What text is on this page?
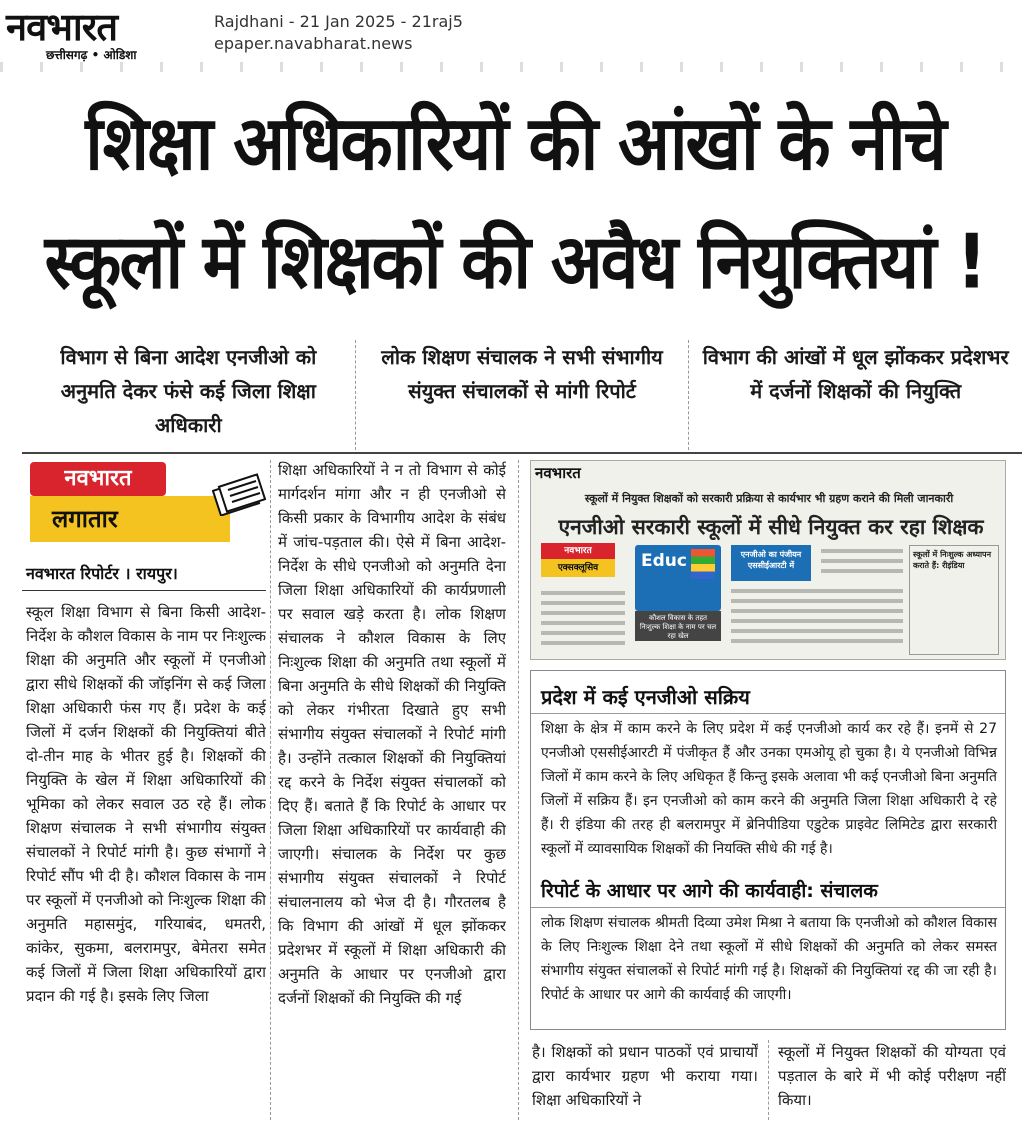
नवभारत
छत्तीसगढ़ • ओडिशा
Rajdhani - 21 Jan 2025 - 21raj5
epaper.navabharat.news
शिक्षा अधिकारियों की आंखों के नीचे
स्कूलों में शिक्षकों की अवैध नियुक्तियां !
विभाग से बिना आदेश एनजीओ को अनुमति देकर फंसे कई जिला शिक्षा अधिकारी
लोक शिक्षण संचालक ने सभी संभागीय संयुक्त संचालकों से मांगी रिपोर्ट
विभाग की आंखों में धूल झोंककर प्रदेशभर में दर्जनों शिक्षकों की नियुक्ति
नवभारत
लगातार
नवभारत रिपोर्टर । रायपुर।
स्कूल शिक्षा विभाग से बिना किसी आदेश-निर्देश के कौशल विकास के नाम पर निःशुल्क शिक्षा की अनुमति और स्कूलों में एनजीओ द्वारा सीधे शिक्षकों की जॉइनिंग से कई जिला शिक्षा अधिकारी फंस गए हैं। प्रदेश के कई जिलों में दर्जन शिक्षकों की नियुक्तियां बीते दो-तीन माह के भीतर हुई है। शिक्षकों की नियुक्ति के खेल में शिक्षा अधिकारियों की भूमिका को लेकर सवाल उठ रहे हैं। लोक शिक्षण संचालक ने सभी संभागीय संयुक्त संचालकों ने रिपोर्ट मांगी है। कुछ संभागों ने रिपोर्ट सौंप भी दी है। कौशल विकास के नाम पर स्कूलों में एनजीओ को निःशुल्क शिक्षा की अनुमति महासमुंद, गरियाबंद, धमतरी, कांकेर, सुकमा, बलरामपुर, बेमेतरा समेत कई जिलों में जिला शिक्षा अधिकारियों द्वारा प्रदान की गई है। इसके लिए जिला
शिक्षा अधिकारियों ने न तो विभाग से कोई मार्गदर्शन मांगा और न ही एनजीओ से किसी प्रकार के विभागीय आदेश के संबंध में जांच-पड़ताल की। ऐसे में बिना आदेश-निर्देश के सीधे एनजीओ को अनुमति देना जिला शिक्षा अधिकारियों की कार्यप्रणाली पर सवाल खड़े करता है। लोक शिक्षण संचालक ने कौशल विकास के लिए निःशुल्क शिक्षा की अनुमति तथा स्कूलों में बिना अनुमति के सीधे शिक्षकों की नियुक्ति को लेकर गंभीरता दिखाते हुए सभी संभागीय संयुक्त संचालकों ने रिपोर्ट मांगी है। उन्होंने तत्काल शिक्षकों की नियुक्तियां रद्द करने के निर्देश संयुक्त संचालकों को दिए हैं। बताते हैं कि रिपोर्ट के आधार पर जिला शिक्षा अधिकारियों पर कार्यवाही की जाएगी। संचालक के निर्देश पर कुछ संभागीय संयुक्त संचालकों ने रिपोर्ट संचालनालय को भेज दी है। गौरतलब है कि विभाग की आंखों में धूल झोंककर प्रदेशभर में स्कूलों में शिक्षा अधिकारी की अनुमति के आधार पर एनजीओ द्वारा दर्जनों शिक्षकों की नियुक्ति की गई
नवभारत
स्कूलों में नियुक्त शिक्षकों को सरकारी प्रक्रिया से कार्यभार भी ग्रहण कराने की मिली जानकारी
एनजीओ सरकारी स्कूलों में सीधे नियुक्त कर रहा शिक्षक
नवभारत
एक्सक्लूसिव	Educ
कौशल विकास के तहत निःशुल्क शिक्षा के नाम पर चल रहा खेल
एनजीओ का पंजीयन एससीईआरटी में
स्कूलों में निःशुल्क अध्यापन कराते हैं: रीइंडिया
प्रदेश में कई एनजीओ सक्रिय
शिक्षा के क्षेत्र में काम करने के लिए प्रदेश में कई एनजीओ कार्य कर रहे हैं। इनमें से 27 एनजीओ एससीईआरटी में पंजीकृत हैं और उनका एमओयू हो चुका है। ये एनजीओ विभिन्न जिलों में काम करने के लिए अधिकृत हैं किन्तु इसके अलावा भी कई एनजीओ बिना अनुमति जिलों में सक्रिय हैं। इन एनजीओ को काम करने की अनुमति जिला शिक्षा अधिकारी दे रहे हैं। री इंडिया की तरह ही बलरामपुर में ब्रेनिपीडिया एडुटेक प्राइवेट लिमिटेड द्वारा सरकारी स्कूलों में व्यावसायिक शिक्षकों की नियक्ति सीधे की गई है।
रिपोर्ट के आधार पर आगे की कार्यवाही: संचालक
लोक शिक्षण संचालक श्रीमती दिव्या उमेश मिश्रा ने बताया कि एनजीओ को कौशल विकास के लिए निःशुल्क शिक्षा देने तथा स्कूलों में सीधे शिक्षकों की अनुमति को लेकर समस्त संभागीय संयुक्त संचालकों से रिपोर्ट मांगी गई है। शिक्षकों की नियुक्तियां रद्द की जा रही है। रिपोर्ट के आधार पर आगे की कार्यवाई की जाएगी।
है। शिक्षकों को प्रधान पाठकों एवं प्राचार्यों द्वारा कार्यभार ग्रहण भी कराया गया। शिक्षा अधिकारियों ने
स्कूलों में नियुक्त शिक्षकों की योग्यता एवं पड़ताल के बारे में भी कोई परीक्षण नहीं किया।
